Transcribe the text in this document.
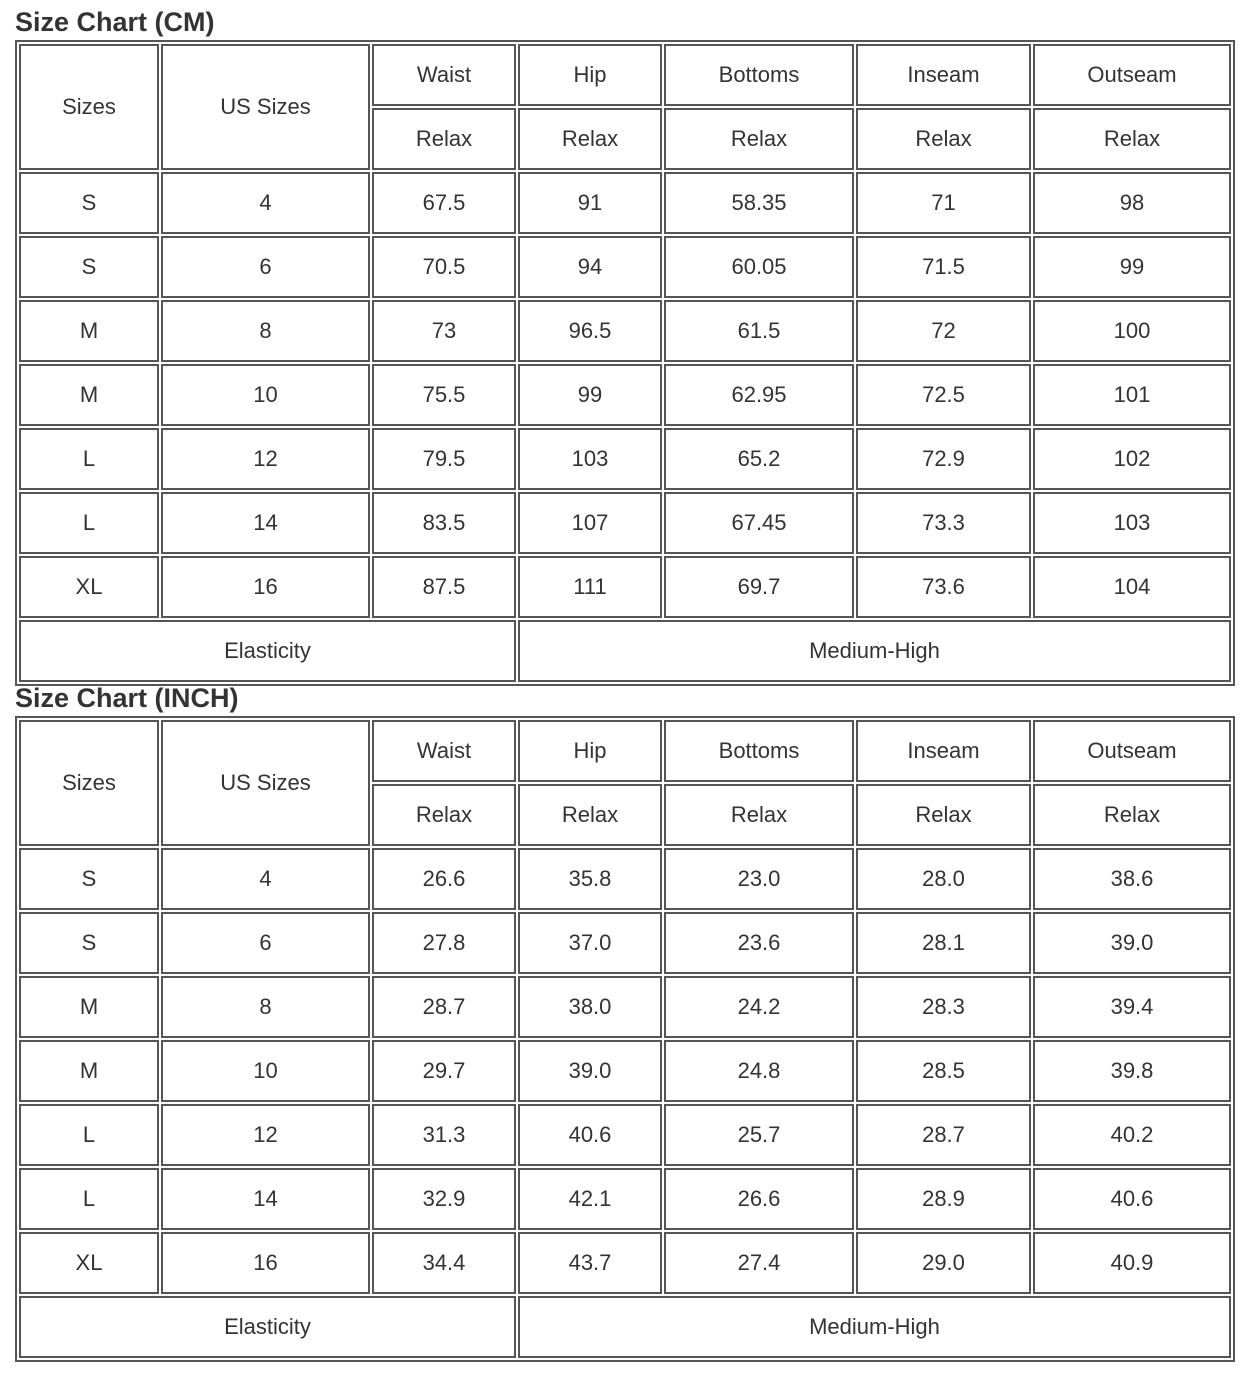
Size Chart (CM)
Sizes	US Sizes	Waist	Hip	Bottoms	Inseam	Outseam
		Relax	Relax	Relax	Relax	Relax
S	4	67.5	91	58.35	71	98
S	6	70.5	94	60.05	71.5	99
M	8	73	96.5	61.5	72	100
M	10	75.5	99	62.95	72.5	101
L	12	79.5	103	65.2	72.9	102
L	14	83.5	107	67.45	73.3	103
XL	16	87.5	111	69.7	73.6	104
Elasticity			Medium-High			
Size Chart (INCH)
Sizes	US Sizes	Waist	Hip	Bottoms	Inseam	Outseam
		Relax	Relax	Relax	Relax	Relax
S	4	26.6	35.8	23.0	28.0	38.6
S	6	27.8	37.0	23.6	28.1	39.0
M	8	28.7	38.0	24.2	28.3	39.4
M	10	29.7	39.0	24.8	28.5	39.8
L	12	31.3	40.6	25.7	28.7	40.2
L	14	32.9	42.1	26.6	28.9	40.6
XL	16	34.4	43.7	27.4	29.0	40.9
Elasticity			Medium-High			
